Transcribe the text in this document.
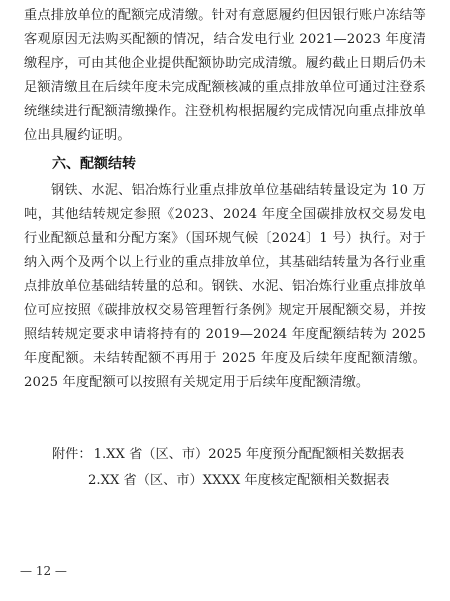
重点排放单位的配额完成清缴。针对有意愿履约但因银行账户冻结等客观原因无法购买配额的情况，结合发电行业 2021—2023 年度清缴程序，可由其他企业提供配额协助完成清缴。履约截止日期后仍未足额清缴且在后续年度未完成配额核减的重点排放单位可通过注登系统继续进行配额清缴操作。注登机构根据履约完成情况向重点排放单位出具履约证明。

六、配额结转

钢铁、水泥、铝冶炼行业重点排放单位基础结转量设定为 10 万吨，其他结转规定参照《2023、2024 年度全国碳排放权交易发电行业配额总量和分配方案》（国环规气候〔2024〕1 号）执行。对于纳入两个及两个以上行业的重点排放单位，其基础结转量为各行业重点排放单位基础结转量的总和。钢铁、水泥、铝冶炼行业重点排放单位可应按照《碳排放权交易管理暂行条例》规定开展配额交易，并按照结转规定要求申请将持有的 2019—2024 年度配额结转为 2025 年度配额。未结转配额不再用于 2025 年度及后续年度配额清缴。2025 年度配额可以按照有关规定用于后续年度配额清缴。

附件： 1.XX 省（区、市）2025 年度预分配配额相关数据表
2.XX 省（区、市）XXXX 年度核定配额相关数据表
— 12 —
